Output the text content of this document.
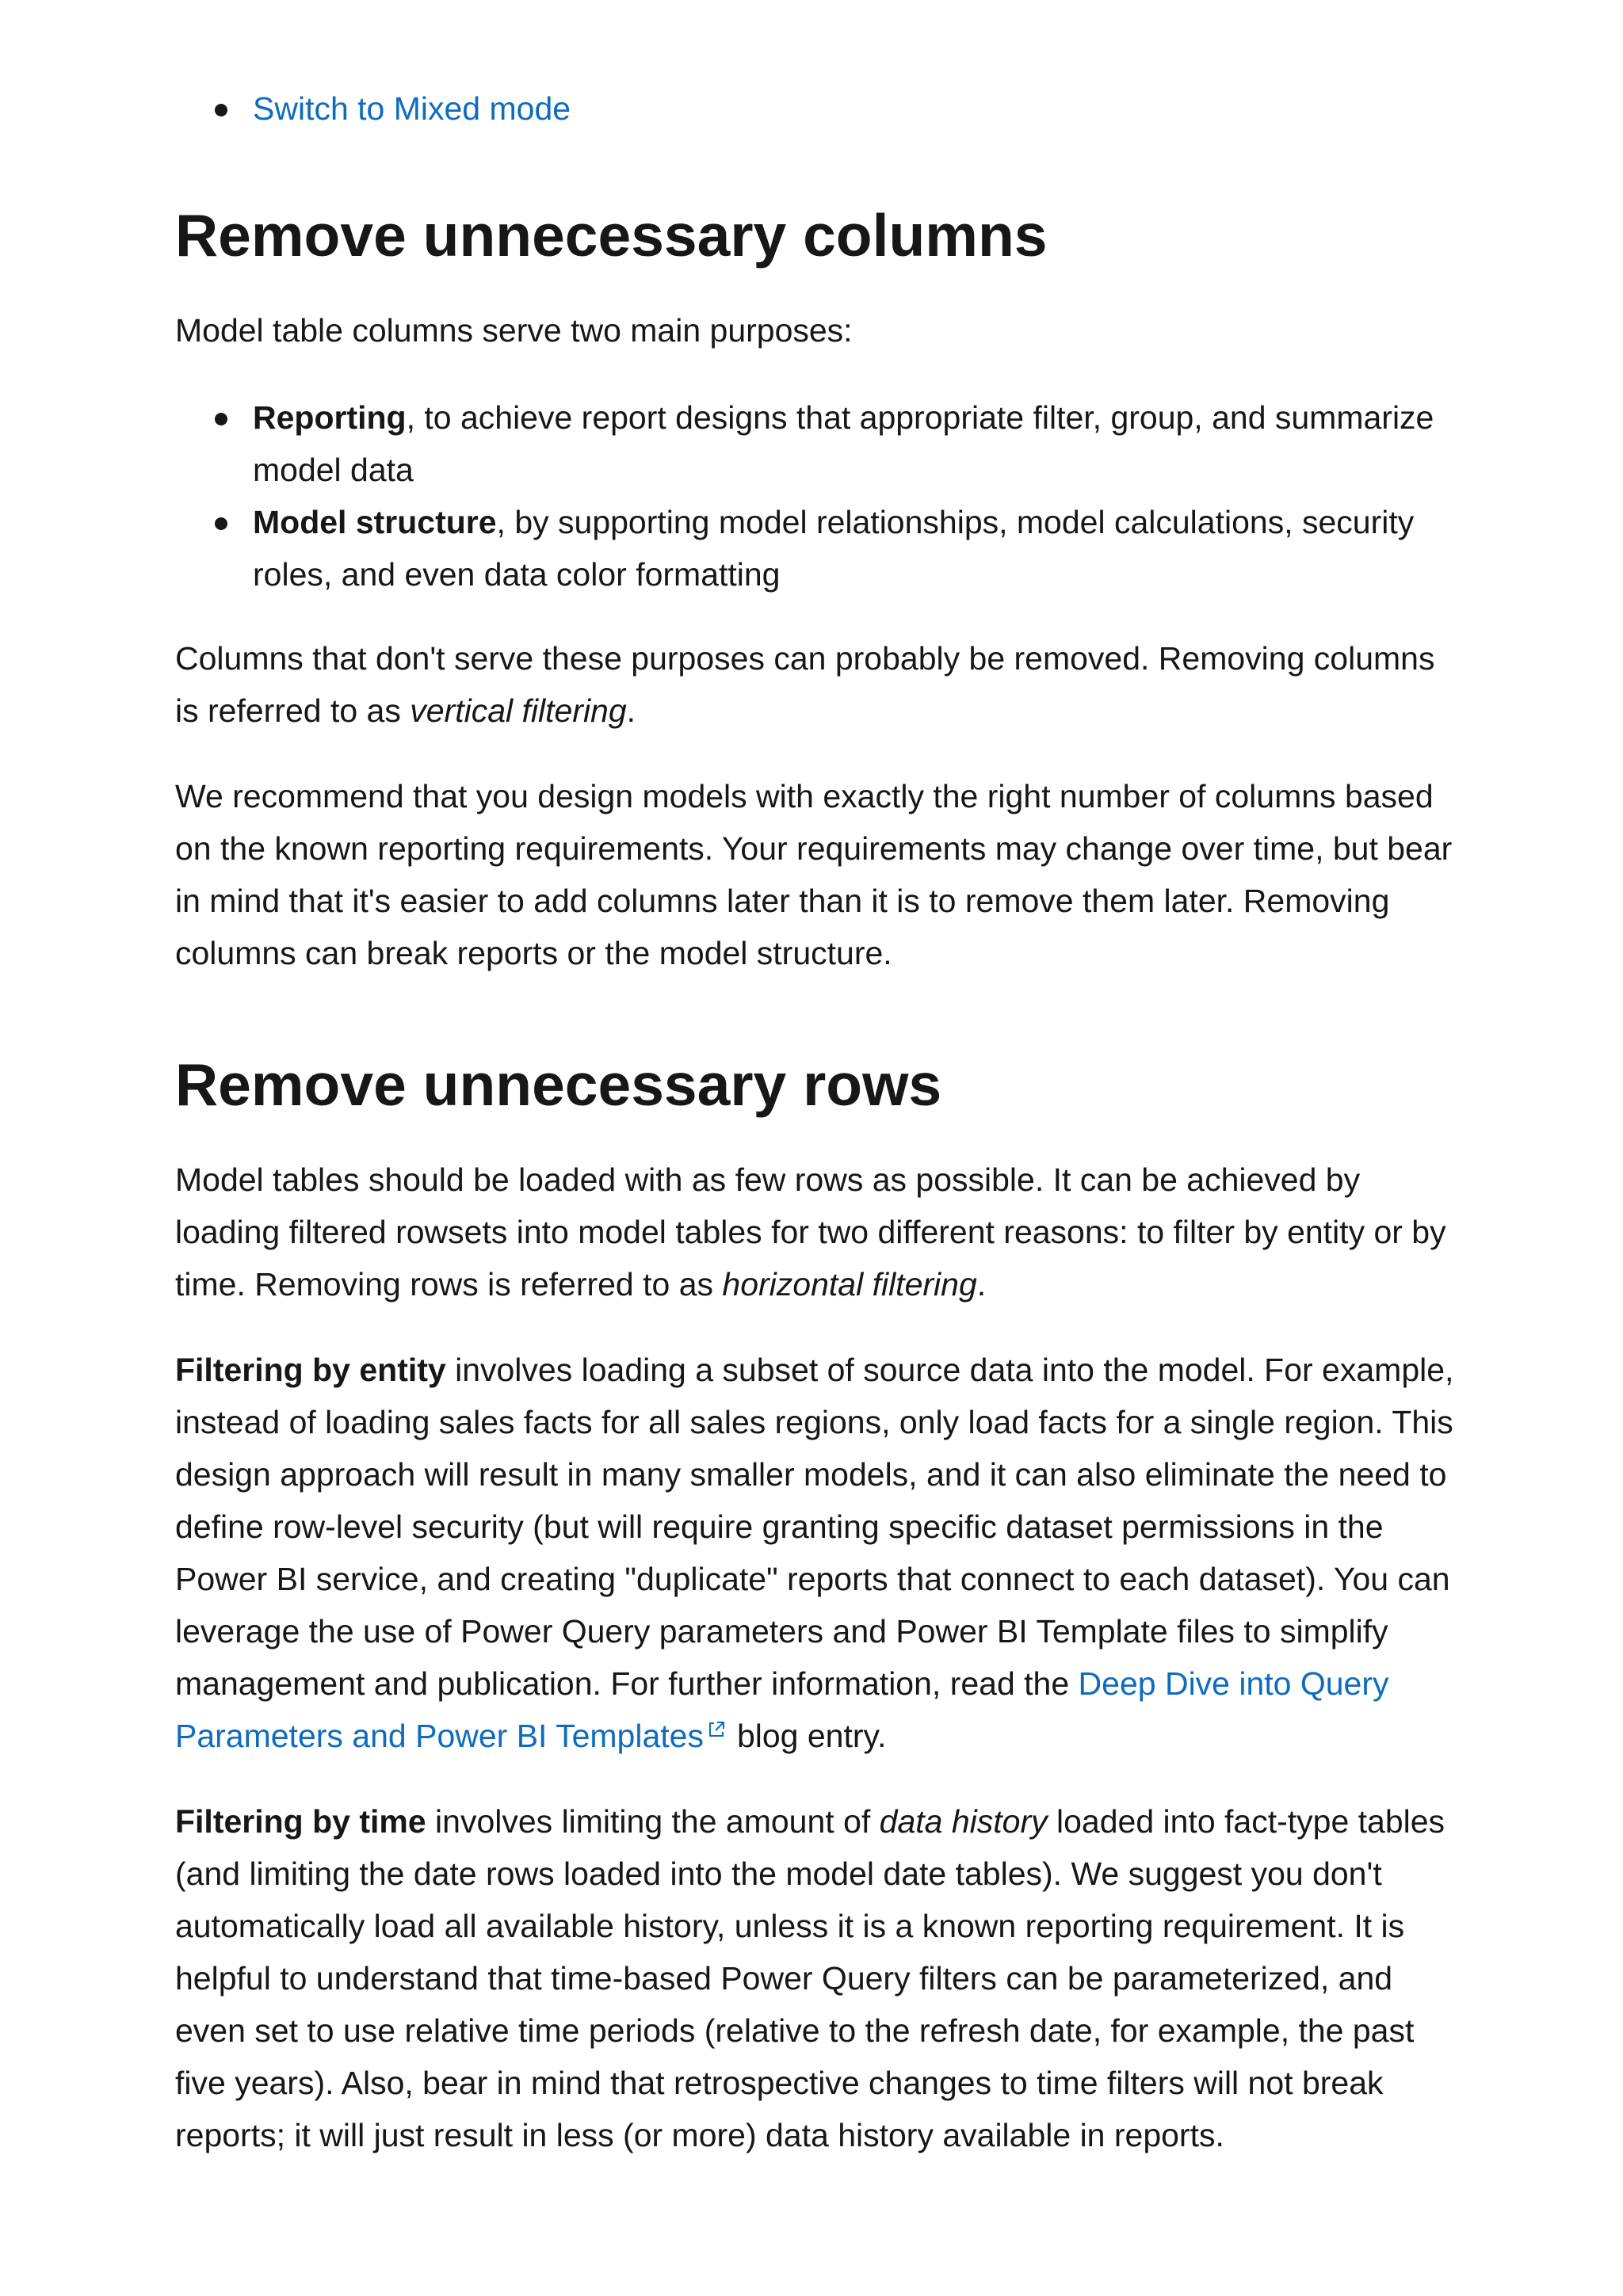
Switch to Mixed mode
Remove unnecessary columns

Model table columns serve two main purposes:

Reporting, to achieve report designs that appropriate filter, group, and summarize model data
Model structure, by supporting model relationships, model calculations, security roles, and even data color formatting

Columns that don't serve these purposes can probably be removed. Removing columns is referred to as vertical filtering.

We recommend that you design models with exactly the right number of columns based on the known reporting requirements. Your requirements may change over time, but bear in mind that it's easier to add columns later than it is to remove them later. Removing columns can break reports or the model structure.

Remove unnecessary rows

Model tables should be loaded with as few rows as possible. It can be achieved by loading filtered rowsets into model tables for two different reasons: to filter by entity or by time. Removing rows is referred to as horizontal filtering.

Filtering by entity involves loading a subset of source data into the model. For example, instead of loading sales facts for all sales regions, only load facts for a single region. This design approach will result in many smaller models, and it can also eliminate the need to define row-level security (but will require granting specific dataset permissions in the Power BI service, and creating "duplicate" reports that connect to each dataset). You can leverage the use of Power Query parameters and Power BI Template files to simplify management and publication. For further information, read the Deep Dive into Query Parameters and Power BI Templates blog entry.

Filtering by time involves limiting the amount of data history loaded into fact-type tables (and limiting the date rows loaded into the model date tables). We suggest you don't automatically load all available history, unless it is a known reporting requirement. It is helpful to understand that time-based Power Query filters can be parameterized, and even set to use relative time periods (relative to the refresh date, for example, the past five years). Also, bear in mind that retrospective changes to time filters will not break reports; it will just result in less (or more) data history available in reports.
